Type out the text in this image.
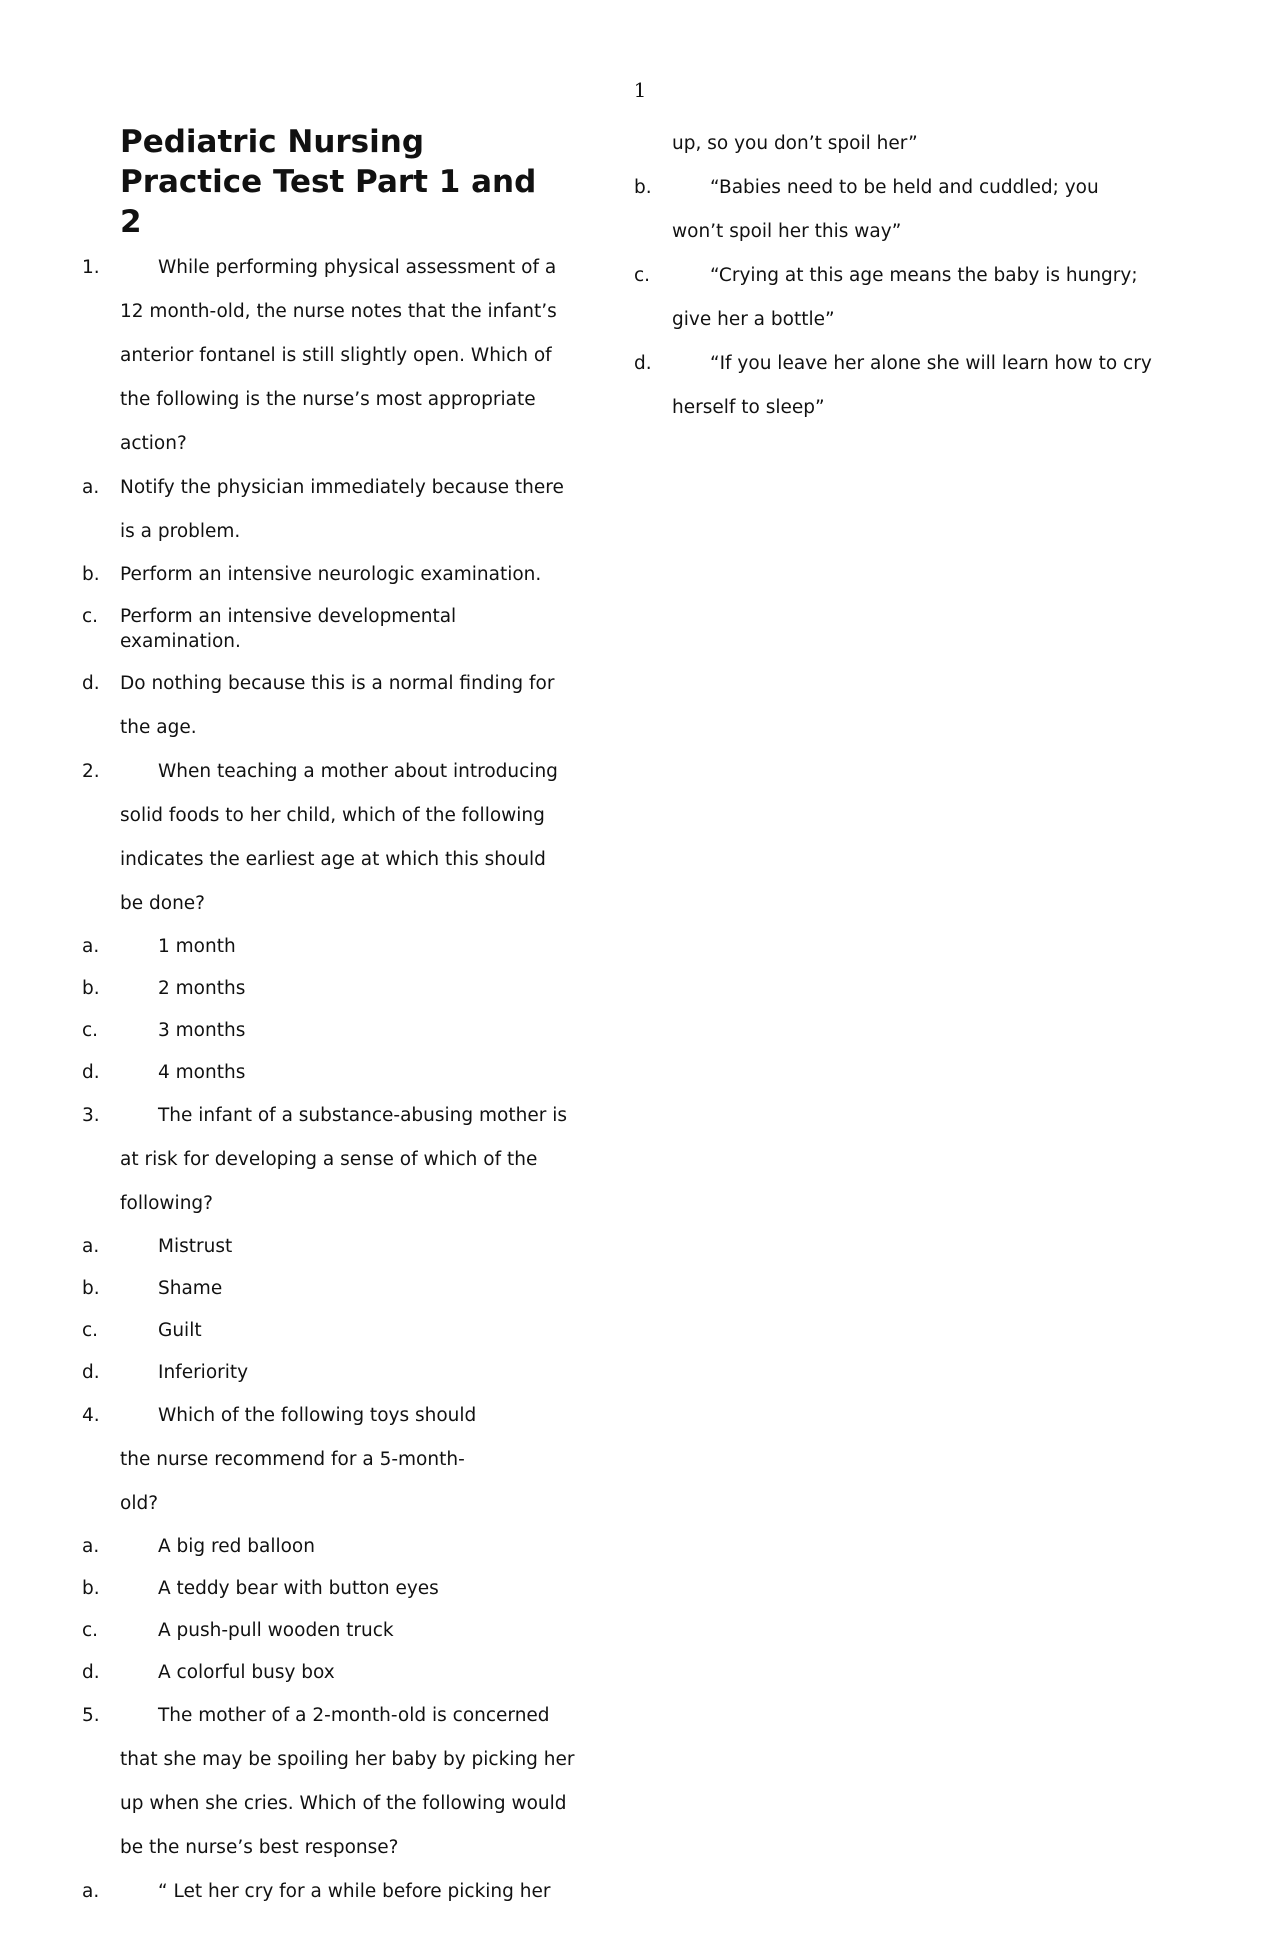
1
Pediatric Nursing Practice Test Part 1 and 2
1.	While performing physical assessment of a
12 month-old, the nurse notes that the infant’s
anterior fontanel is still slightly open. Which of
the following is the nurse’s most appropriate
action?
a. Notify the physician immediately because there
is a problem.
b. Perform an intensive neurologic examination.
c. Perform an intensive developmental
examination.
d. Do nothing because this is a normal finding for
the age.
2.	When teaching a mother about introducing
solid foods to her child, which of the following
indicates the earliest age at which this should
be done?
a.	1 month
b.	2 months
c.	3 months
d.	4 months
3.	The infant of a substance-abusing mother is
at risk for developing a sense of which of the
following?
a.	Mistrust
b.	Shame
c.	Guilt
d.	Inferiority
4.	Which of the following toys should
the nurse recommend for a 5-month-
old?
a.	A big red balloon
b.	A teddy bear with button eyes
c.	A push-pull wooden truck
d.	A colorful busy box
5.	The mother of a 2-month-old is concerned
that she may be spoiling her baby by picking her
up when she cries. Which of the following would
be the nurse’s best response?
a.	“ Let her cry for a while before picking her
up, so you don’t spoil her”
b.	“Babies need to be held and cuddled; you
won’t spoil her this way”
c.	“Crying at this age means the baby is hungry;
give her a bottle”
d.	“If you leave her alone she will learn how to cry
herself to sleep”
